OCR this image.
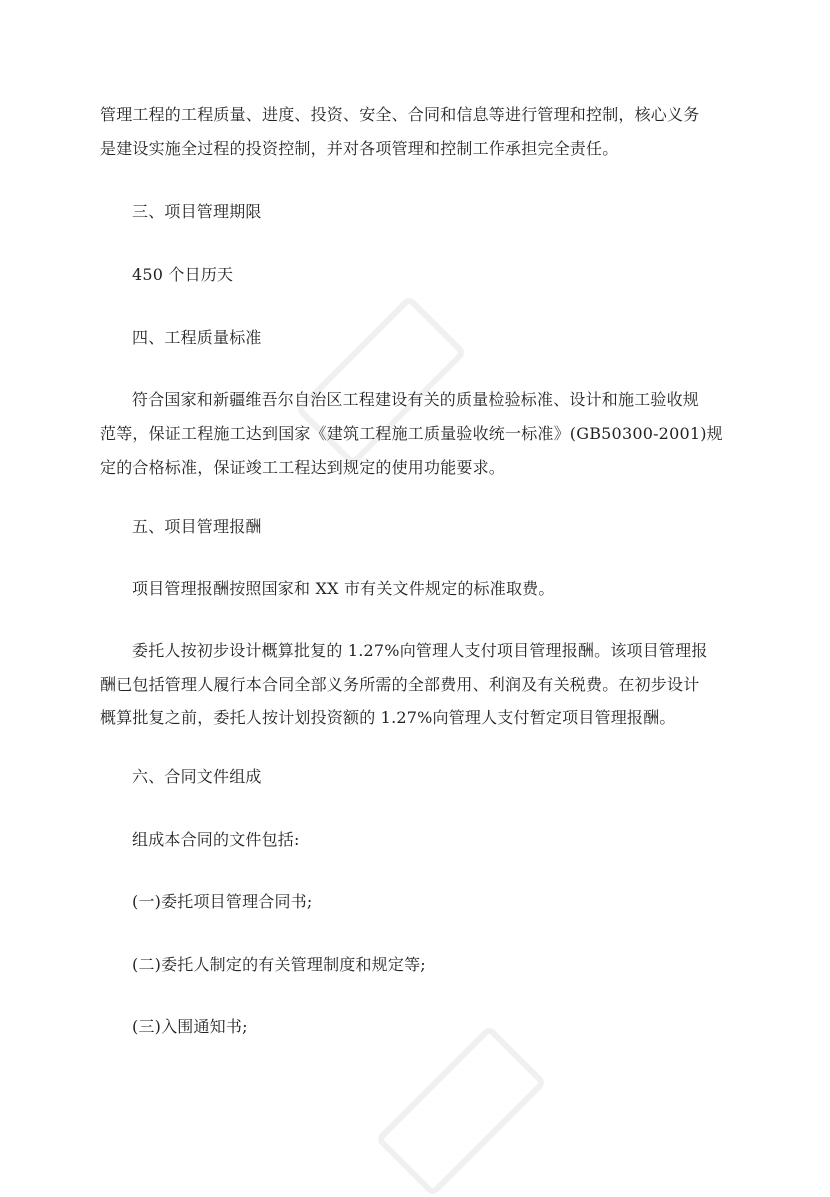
管理工程的工程质量、进度、投资、安全、合同和信息等进行管理和控制，核心义务
是建设实施全过程的投资控制，并对各项管理和控制工作承担完全责任。
三、项目管理期限
450 个日历天
四、工程质量标准
符合国家和新疆维吾尔自治区工程建设有关的质量检验标准、设计和施工验收规
范等，保证工程施工达到国家《建筑工程施工质量验收统一标准》(GB50300-2001)规
定的合格标准，保证竣工工程达到规定的使用功能要求。
五、项目管理报酬
项目管理报酬按照国家和 XX 市有关文件规定的标准取费。
委托人按初步设计概算批复的 1.27%向管理人支付项目管理报酬。该项目管理报
酬已包括管理人履行本合同全部义务所需的全部费用、利润及有关税费。在初步设计
概算批复之前，委托人按计划投资额的 1.27%向管理人支付暂定项目管理报酬。
六、合同文件组成
组成本合同的文件包括:
(一)委托项目管理合同书;
(二)委托人制定的有关管理制度和规定等;
(三)入围通知书;
